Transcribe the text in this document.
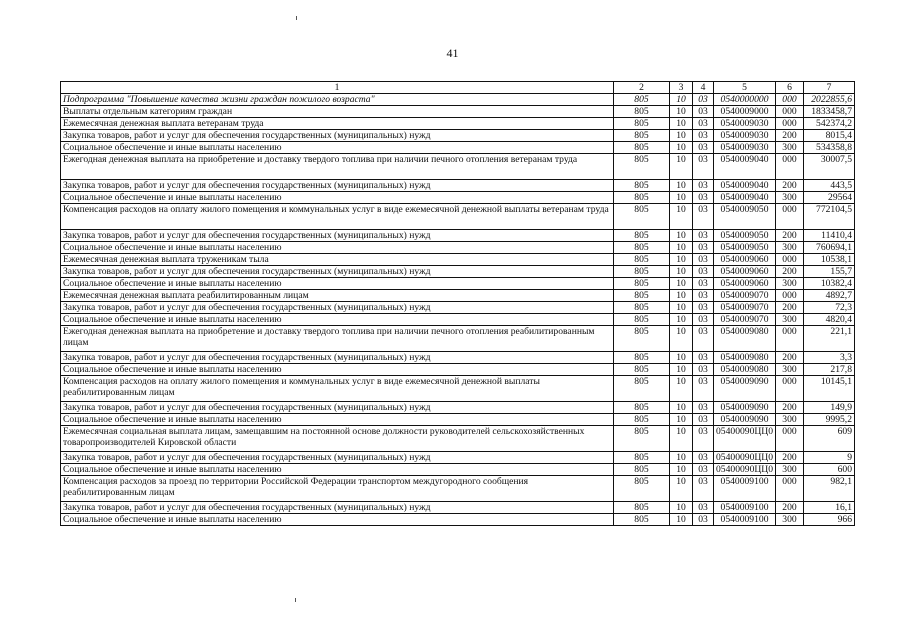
41
1	2	3	4	5	6	7
Подпрограмма "Повышение качества жизни граждан пожилого возраста"	805	10	03	0540000000	000	2022855,6
Выплаты отдельным категориям граждан	805	10	03	0540009000	000	1833458,7
Ежемесячная денежная выплата ветеранам труда	805	10	03	0540009030	000	542374,2
Закупка товаров, работ и услуг для обеспечения государственных (муниципальных) нужд	805	10	03	0540009030	200	8015,4
Социальное обеспечение и иные выплаты населению	805	10	03	0540009030	300	534358,8
Ежегодная денежная выплата на приобретение и доставку твердого топлива при наличии печного отопления ветеранам труда	805	10	03	0540009040	000	30007,5
Закупка товаров, работ и услуг для обеспечения государственных (муниципальных) нужд	805	10	03	0540009040	200	443,5
Социальное обеспечение и иные выплаты населению	805	10	03	0540009040	300	29564
Компенсация расходов на оплату жилого помещения и коммунальных услуг в виде ежемесячной денежной выплаты ветеранам труда	805	10	03	0540009050	000	772104,5
Закупка товаров, работ и услуг для обеспечения государственных (муниципальных) нужд	805	10	03	0540009050	200	11410,4
Социальное обеспечение и иные выплаты населению	805	10	03	0540009050	300	760694,1
Ежемесячная денежная выплата труженикам тыла	805	10	03	0540009060	000	10538,1
Закупка товаров, работ и услуг для обеспечения государственных (муниципальных) нужд	805	10	03	0540009060	200	155,7
Социальное обеспечение и иные выплаты населению	805	10	03	0540009060	300	10382,4
Ежемесячная денежная выплата реабилитированным лицам	805	10	03	0540009070	000	4892,7
Закупка товаров, работ и услуг для обеспечения государственных (муниципальных) нужд	805	10	03	0540009070	200	72,3
Социальное обеспечение и иные выплаты населению	805	10	03	0540009070	300	4820,4
Ежегодная денежная выплата на приобретение и доставку твердого топлива при наличии печного отопления реабилитированным лицам	805	10	03	0540009080	000	221,1
Закупка товаров, работ и услуг для обеспечения государственных (муниципальных) нужд	805	10	03	0540009080	200	3,3
Социальное обеспечение и иные выплаты населению	805	10	03	0540009080	300	217,8
Компенсация расходов на оплату жилого помещения и коммунальных услуг в виде ежемесячной денежной выплаты реабилитированным лицам	805	10	03	0540009090	000	10145,1
Закупка товаров, работ и услуг для обеспечения государственных (муниципальных) нужд	805	10	03	0540009090	200	149,9
Социальное обеспечение и иные выплаты населению	805	10	03	0540009090	300	9995,2
Ежемесячная социальная выплата лицам, замещавшим на постоянной основе должности руководителей сельскохозяйственных товаропроизводителей Кировской области	805	10	03	05400090ЦЦ0	000	609
Закупка товаров, работ и услуг для обеспечения государственных (муниципальных) нужд	805	10	03	05400090ЦЦ0	200	9
Социальное обеспечение и иные выплаты населению	805	10	03	05400090ЦЦ0	300	600
Компенсация расходов за проезд по территории Российской Федерации транспортом междугородного сообщения реабилитированным лицам	805	10	03	0540009100	000	982,1
Закупка товаров, работ и услуг для обеспечения государственных (муниципальных) нужд	805	10	03	0540009100	200	16,1
Социальное обеспечение и иные выплаты населению	805	10	03	0540009100	300	966
